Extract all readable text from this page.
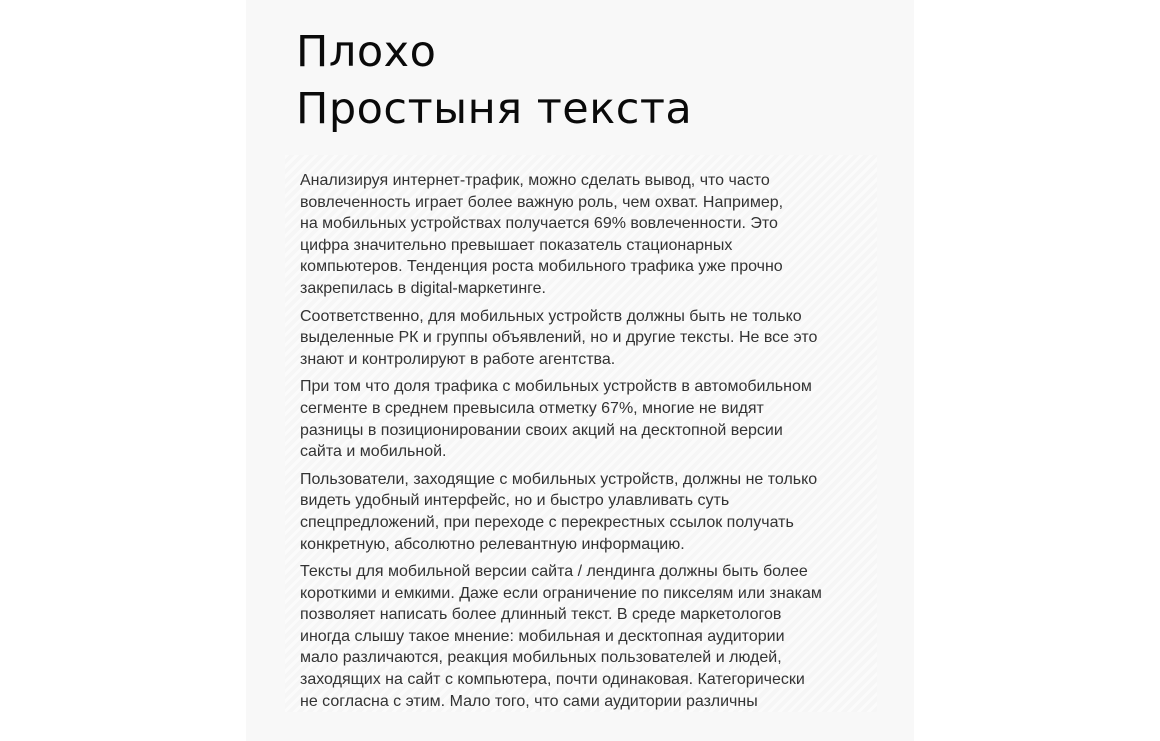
Плохо
Простыня текста

Анализируя интернет-трафик, можно сделать вывод, что часто
вовлеченность играет более важную роль, чем охват. Например,
на мобильных устройствах получается 69% вовлеченности. Это
цифра значительно превышает показатель стационарных
компьютеров. Тенденция роста мобильного трафика уже прочно
закрепилась в digital-маркетинге.

Соответственно, для мобильных устройств должны быть не только
выделенные РК и группы объявлений, но и другие тексты. Не все это
знают и контролируют в работе агентства.

При том что доля трафика с мобильных устройств в автомобильном
сегменте в среднем превысила отметку 67%, многие не видят
разницы в позиционировании своих акций на десктопной версии
сайта и мобильной.

Пользователи, заходящие с мобильных устройств, должны не только
видеть удобный интерфейс, но и быстро улавливать суть
спецпредложений, при переходе с перекрестных ссылок получать
конкретную, абсолютно релевантную информацию.

Тексты для мобильной версии сайта / лендинга должны быть более
короткими и емкими. Даже если ограничение по пикселям или знакам
позволяет написать более длинный текст. В среде маркетологов
иногда слышу такое мнение: мобильная и десктопная аудитории
мало различаются, реакция мобильных пользователей и людей,
заходящих на сайт с компьютера, почти одинаковая. Категорически
не согласна с этим. Мало того, что сами аудитории различны
